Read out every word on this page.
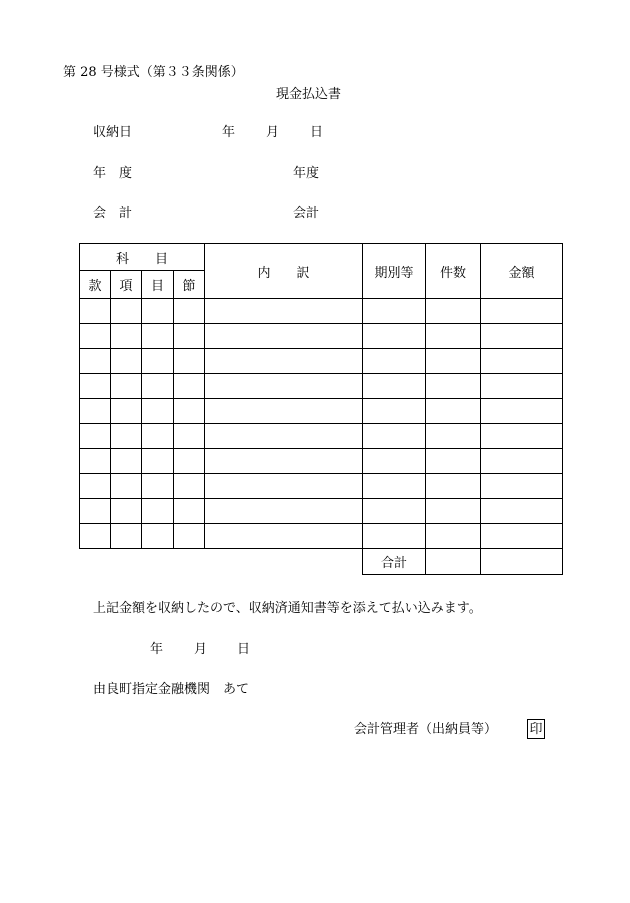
第 28 号様式（第３３条関係）
現金払込書
収納日	年 月 日
年　度	年度
会　計	会計
科　　目				内　　訳	期別等	件数	金額
款	項	目	節				

					合計		
上記金額を収納したので、収納済通知書等を添えて払い込みます。
年 月 日
由良町指定金融機関　あて
会計管理者（出納員等） 印
